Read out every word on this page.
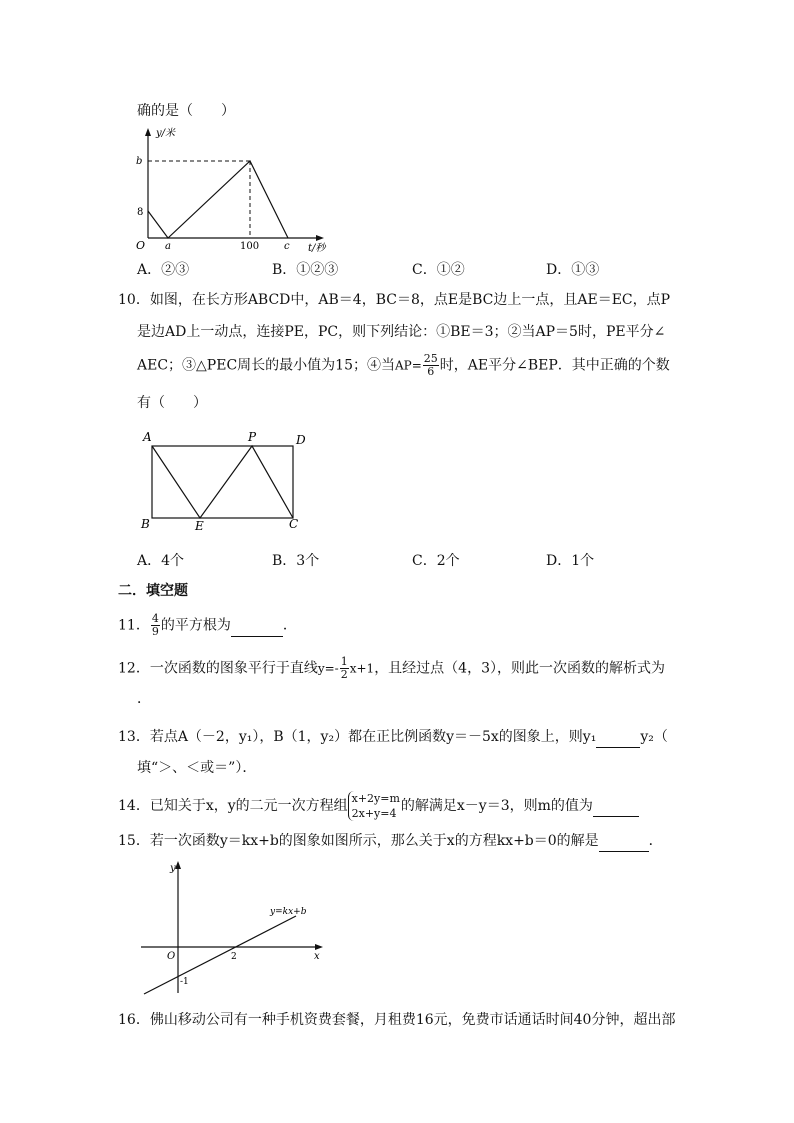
确的是（　　）
y/米
b
8
O a	100 c t/秒
A．②③	B．①②③	C．①②	D．①③
10．如图，在长方形ABCD中，AB＝4，BC＝8，点E是BC边上一点，且AE＝EC，点P
是边AD上一动点，连接PE，PC，则下列结论：①BE＝3；②当AP＝5时，PE平分∠
AEC；③△PEC周长的最小值为15；④当$AP= \frac{25}{6}$ 时，AE平分∠BEP．其中正确的个数
有（　　）
A	P	D
B	E	C
A．4个	B．3个	C．2个	D．1个
二．填空题
11． $\frac{4}{9}$ 的平方根为	．
12．一次函数的图象平行于直线$y=- \frac{1}{2} x+1$，且经过点（4，3），则此一次函数的解析式为
．
13．若点A（－2，y₁），B（1，y₂）都在正比例函数y＝－5x的图象上，则y₁	y₂（
填“＞、＜或＝”）．
14．已知关于x，y的二元一次方程组 x+2y=m
2x+y=4 的解满足x－y＝3，则m的值为
15．若一次函数y＝kx+b的图象如图所示，那么关于x的方程kx+b＝0的解是	．
y
x
O	2
-1
y=kx+b
16．佛山移动公司有一种手机资费套餐，月租费16元，免费市话通话时间40分钟，超出部
